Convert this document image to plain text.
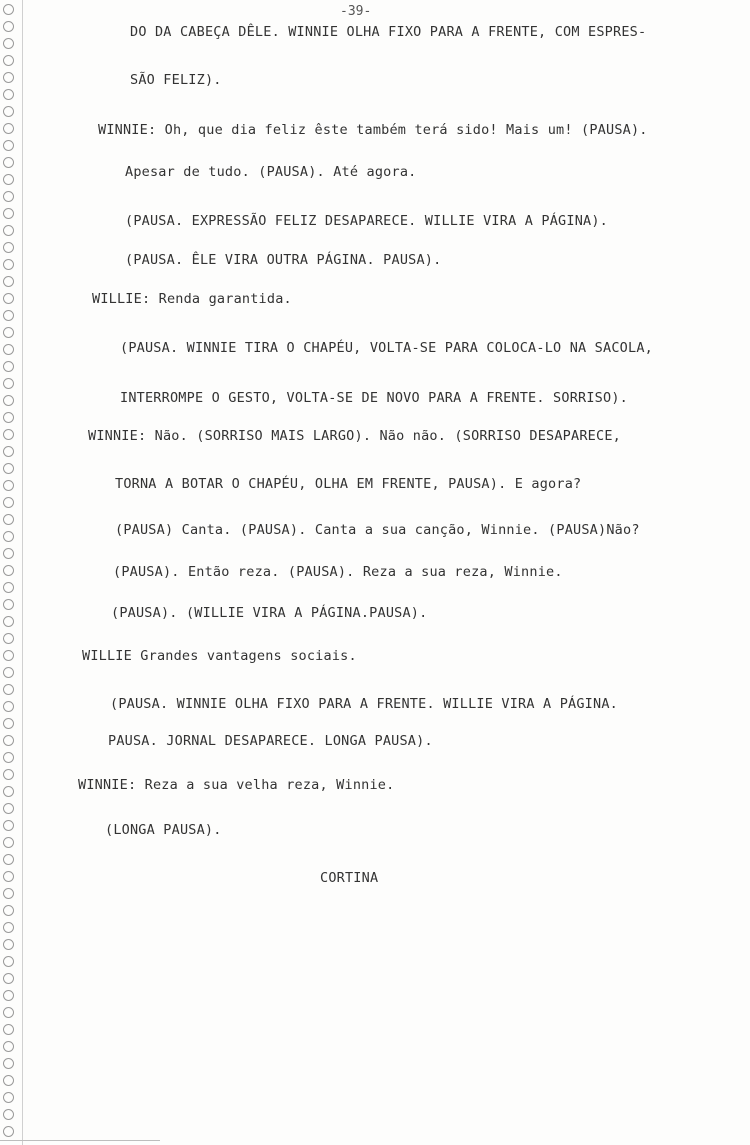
-39-
DO DA CABEÇA DÊLE. WINNIE OLHA FIXO PARA A FRENTE, COM ESPRES-
SÃO FELIZ).
WINNIE: Oh, que dia feliz êste também terá sido! Mais um! (PAUSA).
Apesar de tudo. (PAUSA). Até agora.
(PAUSA. EXPRESSÃO FELIZ DESAPARECE. WILLIE VIRA A PÁGINA).
(PAUSA. ÊLE VIRA OUTRA PÁGINA. PAUSA).
WILLIE: Renda garantida.
(PAUSA. WINNIE TIRA O CHAPÉU, VOLTA-SE PARA COLOCA-LO NA SACOLA,
INTERROMPE O GESTO, VOLTA-SE DE NOVO PARA A FRENTE. SORRISO).
WINNIE: Não. (SORRISO MAIS LARGO). Não não. (SORRISO DESAPARECE,
TORNA A BOTAR O CHAPÉU, OLHA EM FRENTE, PAUSA). E agora?
(PAUSA) Canta. (PAUSA). Canta a sua canção, Winnie. (PAUSA)Não?
(PAUSA). Então reza. (PAUSA). Reza a sua reza, Winnie.
(PAUSA). (WILLIE VIRA A PÁGINA.PAUSA).
WILLIE Grandes vantagens sociais.
(PAUSA. WINNIE OLHA FIXO PARA A FRENTE. WILLIE VIRA A PÁGINA.
PAUSA. JORNAL DESAPARECE. LONGA PAUSA).
WINNIE: Reza a sua velha reza, Winnie.
(LONGA PAUSA).
CORTINA
